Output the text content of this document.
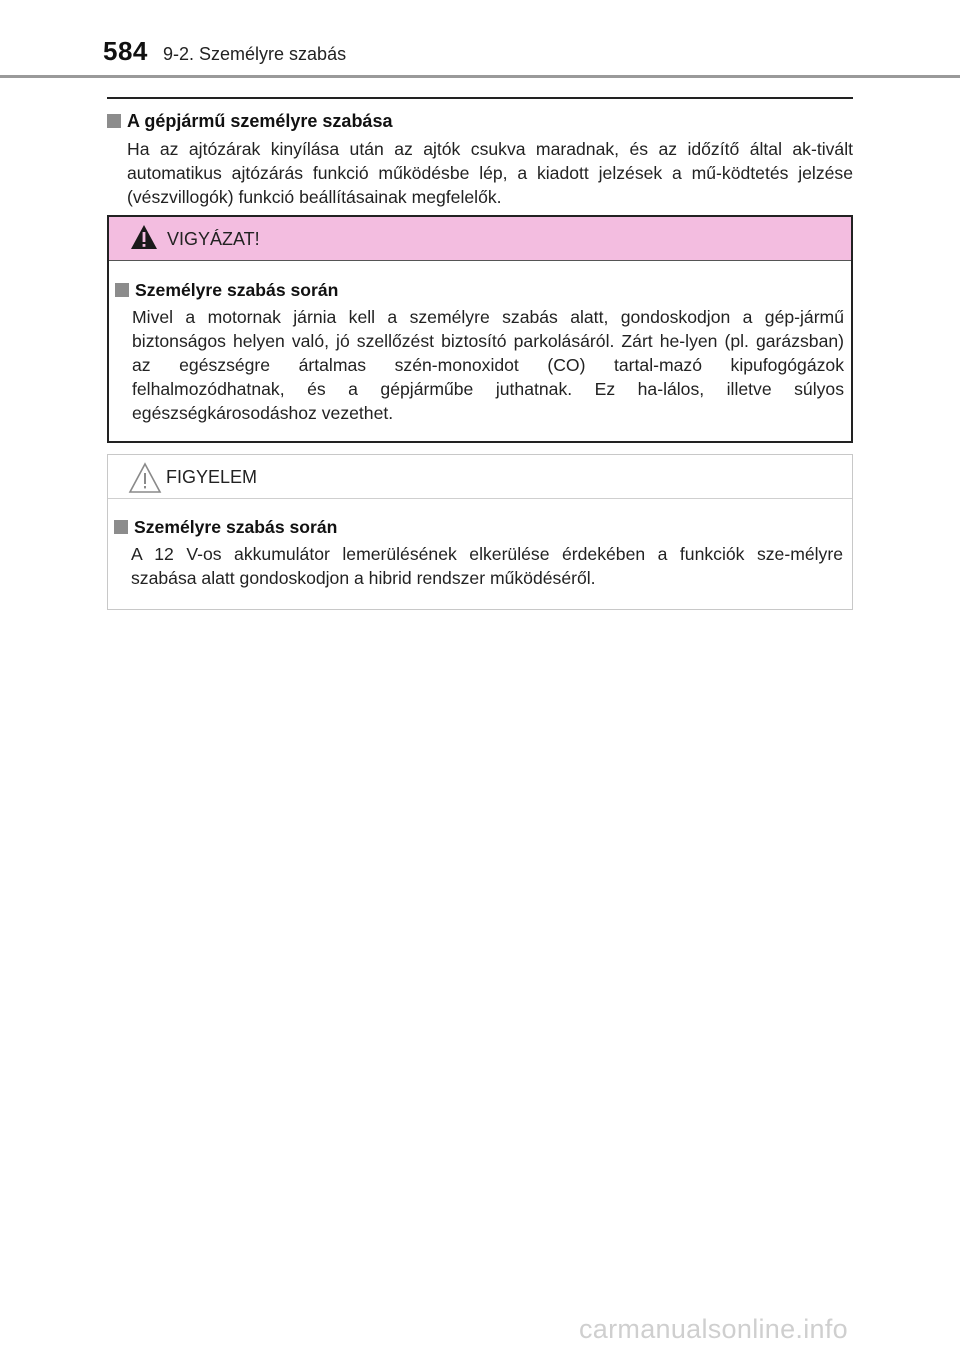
584 9-2. Személyre szabás
A gépjármű személyre szabása
Ha az ajtózárak kinyílása után az ajtók csukva maradnak, és az időzítő által ak-tivált automatikus ajtózárás funkció működésbe lép, a kiadott jelzések a mű-ködtetés jelzése (vészvillogók) funkció beállításainak megfelelők.
VIGYÁZAT!
Személyre szabás során
Mivel a motornak járnia kell a személyre szabás alatt, gondoskodjon a gép-jármű biztonságos helyen való, jó szellőzést biztosító parkolásáról. Zárt he-lyen (pl. garázsban) az egészségre ártalmas szén-monoxidot (CO) tartal-mazó kipufogógázok felhalmozódhatnak, és a gépjárműbe juthatnak. Ez ha-lálos, illetve súlyos egészségkárosodáshoz vezethet.
FIGYELEM
Személyre szabás során
A 12 V-os akkumulátor lemerülésének elkerülése érdekében a funkciók sze-mélyre szabása alatt gondoskodjon a hibrid rendszer működéséről.
carmanualsonline.info
